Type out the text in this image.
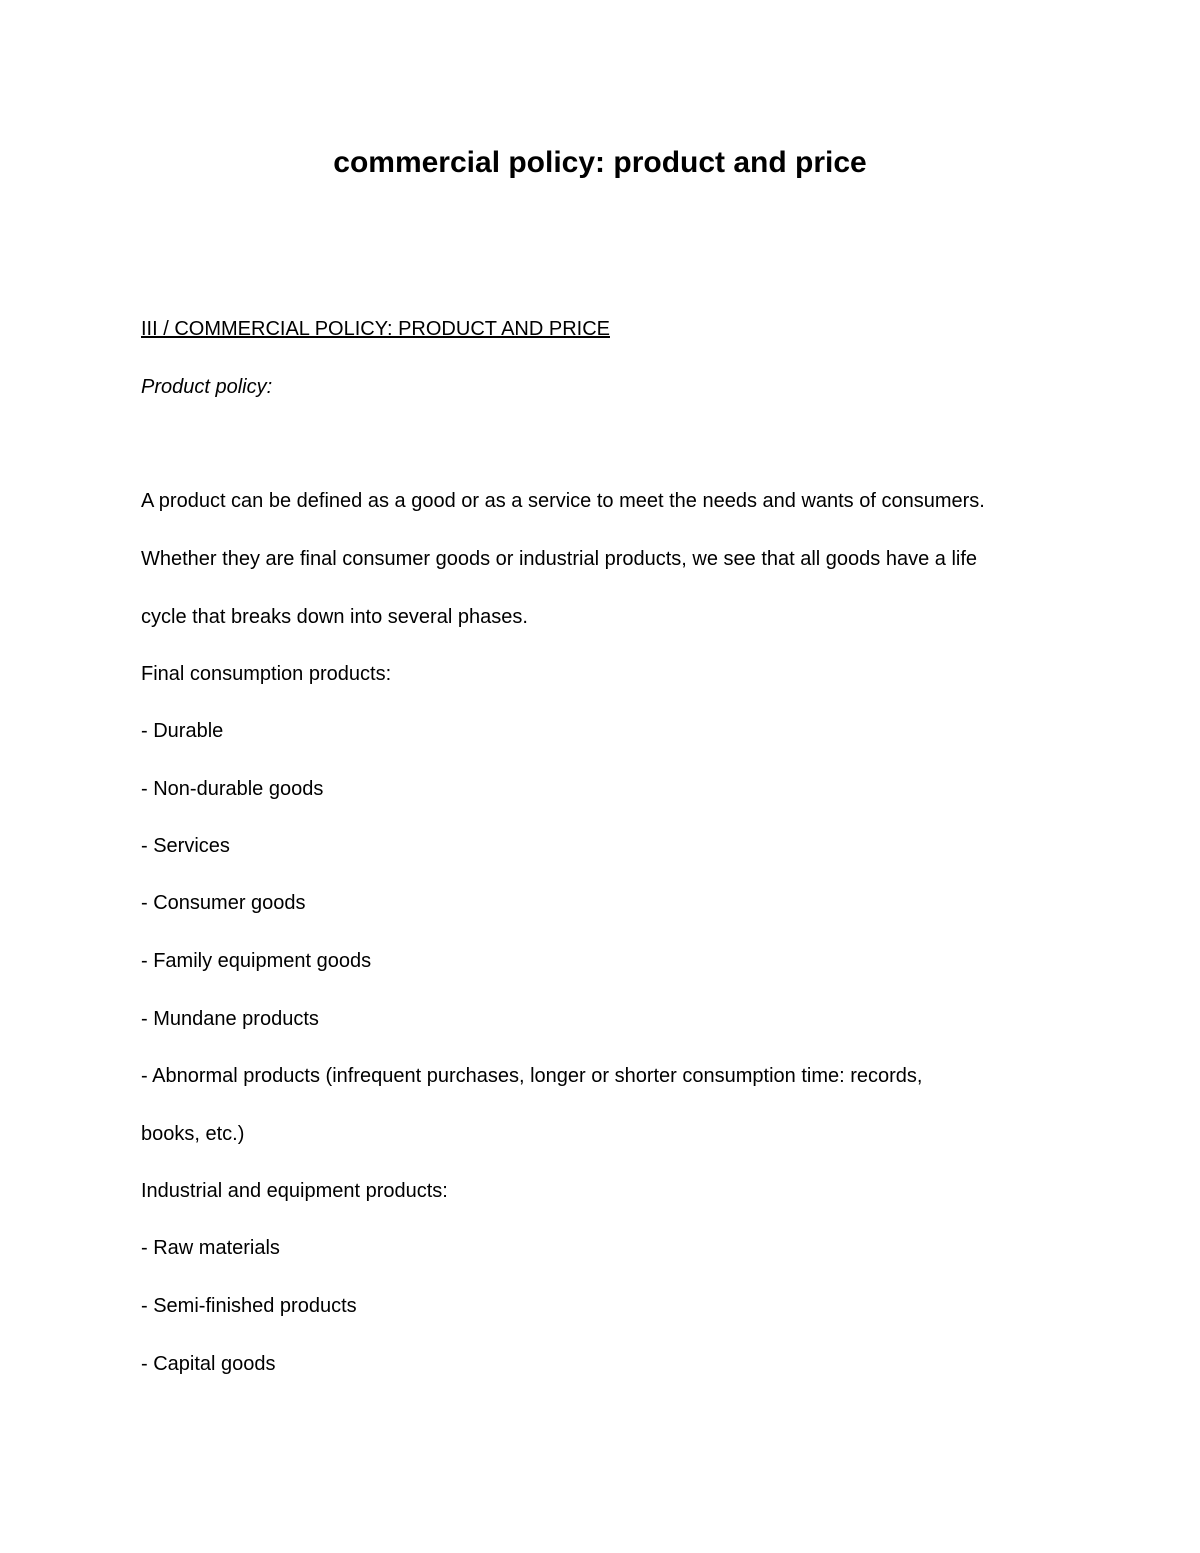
commercial policy: product and price

III / COMMERCIAL POLICY: PRODUCT AND PRICE

Product policy:

A product can be defined as a good or as a service to meet the needs and wants of consumers.

Whether they are final consumer goods or industrial products, we see that all goods have a life

cycle that breaks down into several phases.

Final consumption products:

- Durable

- Non-durable goods

- Services

- Consumer goods

- Family equipment goods

- Mundane products

- Abnormal products (infrequent purchases, longer or shorter consumption time: records,

books, etc.)

Industrial and equipment products:

- Raw materials

- Semi-finished products

- Capital goods
